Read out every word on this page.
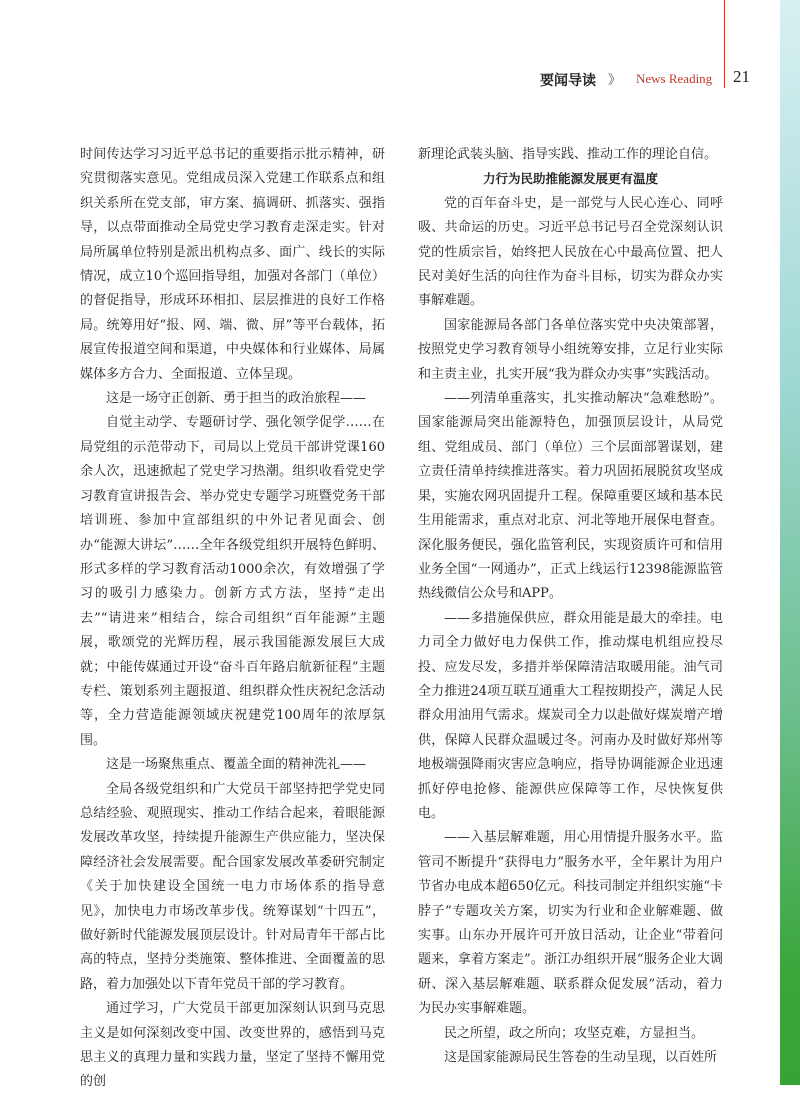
要闻导读 》 News Reading 21

时间传达学习习近平总书记的重要指示批示精神，研究贯彻落实意见。党组成员深入党建工作联系点和组织关系所在党支部，审方案、搞调研、抓落实、强指导，以点带面推动全局党史学习教育走深走实。针对局所属单位特别是派出机构点多、面广、线长的实际情况，成立10个巡回指导组，加强对各部门（单位）的督促指导，形成环环相扣、层层推进的良好工作格局。统筹用好“报、网、端、微、屏”等平台载体，拓展宣传报道空间和渠道，中央媒体和行业媒体、局属媒体多方合力、全面报道、立体呈现。

这是一场守正创新、勇于担当的政治旅程——

自觉主动学、专题研讨学、强化领学促学……在局党组的示范带动下，司局以上党员干部讲党课160余人次，迅速掀起了党史学习热潮。组织收看党史学习教育宣讲报告会、举办党史专题学习班暨党务干部培训班、参加中宣部组织的中外记者见面会、创办“能源大讲坛”……全年各级党组织开展特色鲜明、形式多样的学习教育活动1000余次，有效增强了学习的吸引力感染力。创新方式方法，坚持“走出去”“请进来”相结合，综合司组织“百年能源”主题展，歌颂党的光辉历程，展示我国能源发展巨大成就；中能传媒通过开设“奋斗百年路启航新征程”主题专栏、策划系列主题报道、组织群众性庆祝纪念活动等，全力营造能源领域庆祝建党100周年的浓厚氛围。

这是一场聚焦重点、覆盖全面的精神洗礼——

全局各级党组织和广大党员干部坚持把学党史同总结经验、观照现实、推动工作结合起来，着眼能源发展改革攻坚，持续提升能源生产供应能力，坚决保障经济社会发展需要。配合国家发展改革委研究制定《关于加快建设全国统一电力市场体系的指导意见》，加快电力市场改革步伐。统筹谋划“十四五”，做好新时代能源发展顶层设计。针对局青年干部占比高的特点，坚持分类施策、整体推进、全面覆盖的思路，着力加强处以下青年党员干部的学习教育。

通过学习，广大党员干部更加深刻认识到马克思主义是如何深刻改变中国、改变世界的，感悟到马克思主义的真理力量和实践力量，坚定了坚持不懈用党的创

新理论武装头脑、指导实践、推动工作的理论自信。

力行为民助推能源发展更有温度

党的百年奋斗史，是一部党与人民心连心、同呼吸、共命运的历史。习近平总书记号召全党深刻认识党的性质宗旨，始终把人民放在心中最高位置、把人民对美好生活的向往作为奋斗目标，切实为群众办实事解难题。

国家能源局各部门各单位落实党中央决策部署，按照党史学习教育领导小组统筹安排，立足行业实际和主责主业，扎实开展“我为群众办实事”实践活动。

——列清单重落实，扎实推动解决“急难愁盼”。国家能源局突出能源特色，加强顶层设计，从局党组、党组成员、部门（单位）三个层面部署谋划，建立责任清单持续推进落实。着力巩固拓展脱贫攻坚成果，实施农网巩固提升工程。保障重要区域和基本民生用能需求，重点对北京、河北等地开展保电督查。深化服务便民，强化监管利民，实现资质许可和信用业务全国“一网通办”，正式上线运行12398能源监管热线微信公众号和APP。

——多措施保供应，群众用能是最大的牵挂。电力司全力做好电力保供工作，推动煤电机组应投尽投、应发尽发，多措并举保障清洁取暖用能。油气司全力推进24项互联互通重大工程按期投产，满足人民群众用油用气需求。煤炭司全力以赴做好煤炭增产增供，保障人民群众温暖过冬。河南办及时做好郑州等地极端强降雨灾害应急响应，指导协调能源企业迅速抓好停电抢修、能源供应保障等工作，尽快恢复供电。

——入基层解难题，用心用情提升服务水平。监管司不断提升“获得电力”服务水平，全年累计为用户节省办电成本超650亿元。科技司制定并组织实施“卡脖子”专题攻关方案，切实为行业和企业解难题、做实事。山东办开展许可开放日活动，让企业“带着问题来，拿着方案走”。浙江办组织开展“服务企业大调研、深入基层解难题、联系群众促发展”活动，着力为民办实事解难题。

民之所望，政之所向；攻坚克难，方显担当。

这是国家能源局民生答卷的生动呈现，以百姓所
